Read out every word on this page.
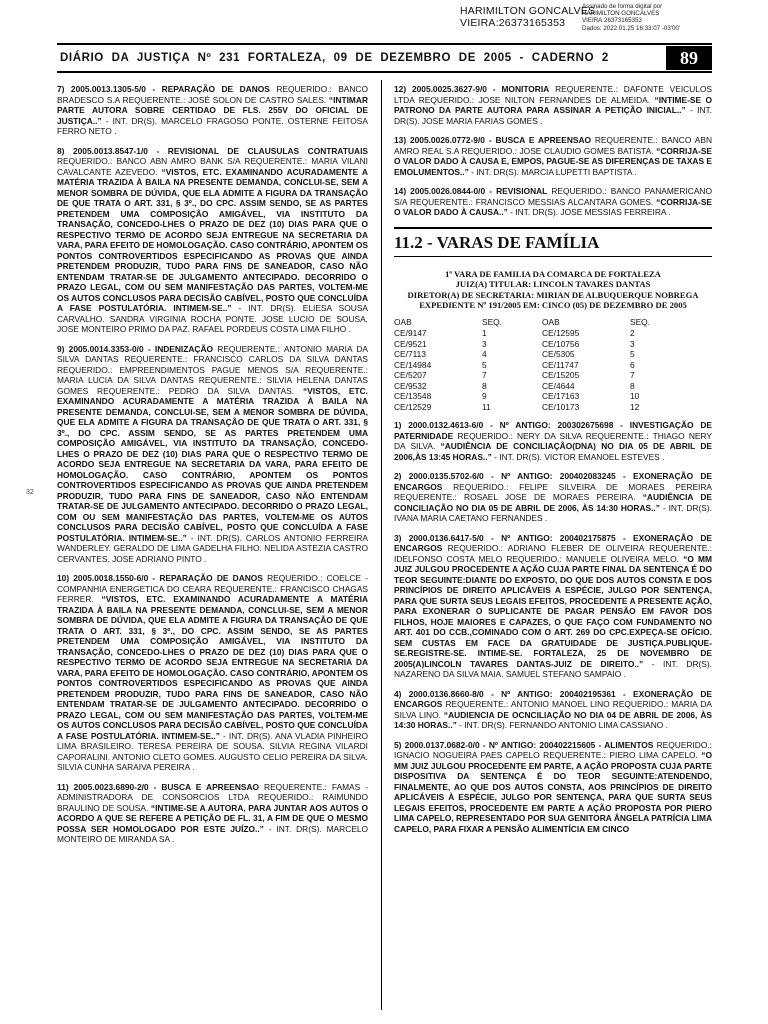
HARIMILTON GONCALVES
VIEIRA:26373165353
Assinado de forma digital por
HARIMILTON GONCALVES
VIEIRA:26373165353
Dados: 2022.01.25 16:33:07 -03'00'
DIÁRIO DA JUSTIÇA Nº 231 FORTALEZA, 09 DE DEZEMBRO DE 2005 - CADERNO 2	89
32

7) 2005.0013.1305-5/0 - REPARAÇÃO DE DANOS REQUERIDO.: BANCO BRADESCO S.A REQUERENTE.: JOSÉ SOLON DE CASTRO SALES. “INTIMAR PARTE AUTORA SOBRE CERTIDAO DE FLS. 255V DO OFICIAL DE JUSTIÇA..” - INT. DR(S). MARCELO FRAGOSO PONTE. OSTERNE FEITOSA FERRO NETO .

8) 2005.0013.8547-1/0 - REVISIONAL DE CLAUSULAS CONTRATUAIS REQUERIDO.: BANCO ABN AMRO BANK S/A REQUERENTE.: MARIA VILANI CAVALCANTE AZEVEDO. “VISTOS, ETC. EXAMINANDO ACURADAMENTE A MATÉRIA TRAZIDA À BAILA NA PRESENTE DEMANDA, CONCLUI-SE, SEM A MENOR SOMBRA DE DÚVIDA, QUE ELA ADMITE A FIGURA DA TRANSAÇÃO DE QUE TRATA O ART. 331, § 3º., DO CPC. ASSIM SENDO, SE AS PARTES PRETENDEM UMA COMPOSIÇÃO AMIGÁVEL, VIA INSTITUTO DA TRANSAÇÃO, CONCEDO-LHES O PRAZO DE DEZ (10) DIAS PARA QUE O RESPECTIVO TERMO DE ACORDO SEJA ENTREGUE NA SECRETARIA DA VARA, PARA EFEITO DE HOMOLOGAÇÃO. CASO CONTRÁRIO, APONTEM OS PONTOS CONTROVERTIDOS ESPECIFICANDO AS PROVAS QUE AINDA PRETENDEM PRODUZIR, TUDO PARA FINS DE SANEADOR, CASO NÃO ENTENDAM TRATAR-SE DE JULGAMENTO ANTECIPADO. DECORRIDO O PRAZO LEGAL, COM OU SEM MANIFESTAÇÃO DAS PARTES, VOLTEM-ME OS AUTOS CONCLUSOS PARA DECISÃO CABÍVEL, POSTO QUE CONCLUÍDA A FASE POSTULATÓRIA. INTIMEM-SE..” - INT. DR(S). ELIESA SOUSA CARVALHO. SANDRA VIRGINIA ROCHA PONTE. JOSE LUCIO DE SOUSA. JOSE MONTEIRO PRIMO DA PAZ. RAFAEL PORDEUS COSTA LIMA FILHO .

9) 2005.0014.3353-0/0 - INDENIZAÇÃO REQUERENTE.: ANTONIO MARIA DA SILVA DANTAS REQUERENTE.: FRANCISCO CARLOS DA SILVA DANTAS REQUERIDO.: EMPREENDIMENTOS PAGUE MENOS S/A REQUERENTE.: MARIA LUCIA DA SILVA DANTAS REQUERENTE.: SILVIA HELENA DANTAS GOMES REQUERENTE.: PEDRO DA SILVA DANTAS. “VISTOS, ETC. EXAMINANDO ACURADAMENTE A MATÉRIA TRAZIDA À BAILA NA PRESENTE DEMANDA, CONCLUI-SE, SEM A MENOR SOMBRA DE DÚVIDA, QUE ELA ADMITE A FIGURA DA TRANSAÇÃO DE QUE TRATA O ART. 331, § 3º., DO CPC. ASSIM SENDO, SE AS PARTES PRETENDEM UMA COMPOSIÇÃO AMIGÁVEL, VIA INSTITUTO DA TRANSAÇÃO, CONCEDO-LHES O PRAZO DE DEZ (10) DIAS PARA QUE O RESPECTIVO TERMO DE ACORDO SEJA ENTREGUE NA SECRETARIA DA VARA, PARA EFEITO DE HOMOLOGAÇÃO. CASO CONTRÁRIO, APONTEM OS PONTOS CONTROVERTIDOS ESPECIFICANDO AS PROVAS QUE AINDA PRETENDEM PRODUZIR, TUDO PARA FINS DE SANEADOR, CASO NÃO ENTENDAM TRATAR-SE DE JULGAMENTO ANTECIPADO. DECORRIDO O PRAZO LEGAL, COM OU SEM MANIFESTAÇÃO DAS PARTES, VOLTEM-ME OS AUTOS CONCLUSOS PARA DECISÃO CABÍVEL, POSTO QUE CONCLUÍDA A FASE POSTULATÓRIA. INTIMEM-SE..” - INT. DR(S). CARLOS ANTONIO FERREIRA WANDERLEY. GERALDO DE LIMA GADELHA FILHO. NELIDA ASTEZIA CASTRO CERVANTES. JOSE ADRIANO PINTO .

10) 2005.0018.1550-6/0 - REPARAÇÃO DE DANOS REQUERIDO.: COELCE - COMPANHIA ENERGETICA DO CEARA REQUERENTE.: FRANCISCO CHAGAS FERRER. “VISTOS, ETC. EXAMINANDO ACURADAMENTE A MATÉRIA TRAZIDA À BAILA NA PRESENTE DEMANDA, CONCLUI-SE, SEM A MENOR SOMBRA DE DÚVIDA, QUE ELA ADMITE A FIGURA DA TRANSAÇÃO DE QUE TRATA O ART. 331, § 3º., DO CPC. ASSIM SENDO, SE AS PARTES PRETENDEM UMA COMPOSIÇÃO AMIGÁVEL, VIA INSTITUTO DA TRANSAÇÃO, CONCEDO-LHES O PRAZO DE DEZ (10) DIAS PARA QUE O RESPECTIVO TERMO DE ACORDO SEJA ENTREGUE NA SECRETARIA DA VARA, PARA EFEITO DE HOMOLOGAÇÃO. CASO CONTRÁRIO, APONTEM OS PONTOS CONTROVERTIDOS ESPECIFICANDO AS PROVAS QUE AINDA PRETENDEM PRODUZIR, TUDO PARA FINS DE SANEADOR, CASO NÃO ENTENDAM TRATAR-SE DE JULGAMENTO ANTECIPADO. DECORRIDO O PRAZO LEGAL, COM OU SEM MANIFESTAÇÃO DAS PARTES, VOLTEM-ME OS AUTOS CONCLUSOS PARA DECISÃO CABÍVEL, POSTO QUE CONCLUÍDA A FASE POSTULATÓRIA. INTIMEM-SE..” - INT. DR(S). ANA VLADIA PINHEIRO LIMA BRASILEIRO. TERESA PEREIRA DE SOUSA. SILVIA REGINA VILARDI CAPORALINI. ANTONIO CLETO GOMES. AUGUSTO CELIO PEREIRA DA SILVA. SILVIA CUNHA SARAIVA PEREIRA .

11) 2005.0023.6890-2/0 - BUSCA E APREENSAO REQUERENTE.: FAMAS - ADMINISTRADORA DE CONSORCIOS LTDA REQUERIDO.: RAIMUNDO BRAULINO DE SOUSA. “INTIME-SE A AUTORA, PARA JUNTAR AOS AUTOS O ACORDO A QUE SE REFERE A PETIÇÃO DE FL. 31, A FIM DE QUE O MESMO POSSA SER HOMOLOGADO POR ESTE JUÍZO..” - INT. DR(S). MARCELO MONTEIRO DE MIRANDA SA .

12) 2005.0025.3627-9/0 - MONITORIA REQUERENTE.: DAFONTE VEICULOS LTDA REQUERIDO.: JOSE NILTON FERNANDES DE ALMEIDA. “INTIME-SE O PATRONO DA PARTE AUTORA PARA ASSINAR A PETIÇÃO INICIAL..” - INT. DR(S). JOSE MARIA FARIAS GOMES .

13) 2005.0026.0772-9/0 - BUSCA E APREENSAO REQUERENTE.: BANCO ABN AMRO REAL S.A REQUERIDO.: JOSE CLAUDIO GOMES BATISTA. “CORRIJA-SE O VALOR DADO À CAUSA E, EMPOS, PAGUE-SE AS DIFERENÇAS DE TAXAS E EMOLUMENTOS..” - INT. DR(S). MARCIA LUPETTI BAPTISTA .

14) 2005.0026.0844-0/0 - REVISIONAL REQUERIDO.: BANCO PANAMERICANO S/A REQUERENTE.: FRANCISCO MESSIAS ALCANTARA GOMES. “CORRIJA-SE O VALOR DADO À CAUSA..” - INT. DR(S). JOSE MESSIAS FERREIRA .

11.2 - VARAS DE FAMÍLIA
1ª VARA DE FAMILIA DA COMARCA DE FORTALEZA
JUIZ(A) TITULAR: LINCOLN TAVARES DANTAS
DIRETOR(A) DE SECRETARIA: MIRIAN DE ALBUQUERQUE NOBREGA
EXPEDIENTE Nº 191/2005 EM: CINCO (05) DE DEZEMBRO DE 2005
OAB	SEQ.	OAB	SEQ.
CE/9147	1	CE/12595	2
CE/9521	3	CE/10756	3
CE/7113	4	CE/5305	5
CE/14984	5	CE/11747	6
CE/5207	7	CE/15205	7
CE/9532	8	CE/4644	8
CE/13548	9	CE/17163	10
CE/12529	11	CE/10173	12

1) 2000.0132.4613-6/0 - Nº ANTIGO: 200302675698 - INVESTIGAÇÃO DE PATERNIDADE REQUERIDO.: NERY DA SILVA REQUERENTE.: THIAGO NERY DA SILVA. “AUDIÊNCIA DE CONCILIAÇÃO(DNA) NO DIA 05 DE ABRIL DE 2006,ÀS 13:45 HORAS..” - INT. DR(S). VICTOR EMANOEL ESTEVES .

2) 2000.0135.5702-6/0 - Nº ANTIGO: 200402083245 - EXONERAÇÃO DE ENCARGOS REQUERIDO.: FELIPE SILVEIRA DE MORAES PEREIRA REQUERENTE.: ROSAEL JOSE DE MORAES PEREIRA. “AUDIÊNCIA DE CONCILIAÇÃO NO DIA 05 DE ABRIL DE 2006, ÀS 14:30 HORAS..” - INT. DR(S). IVANA MARIA CAETANO FERNANDES .

3) 2000.0136.6417-5/0 - Nº ANTIGO: 200402175875 - EXONERAÇÃO DE ENCARGOS REQUERIDO.: ADRIANO FLEBER DE OLIVEIRA REQUERENTE.: IDELFONSO COSTA MELO REQUERIDO.: MANUELE OLIVEIRA MELO. “O MM JUIZ JULGOU PROCEDENTE A AÇÃO CUJA PARTE FINAL DA SENTENÇA É DO TEOR SEGUINTE:DIANTE DO EXPOSTO, DO QUE DOS AUTOS CONSTA E DOS PRINCÍPIOS DE DIREITO APLICÁVEIS A ESPÉCIE, JULGO POR SENTENÇA, PARA QUE SURTA SEUS LEGAIS EFEITOS, PROCEDENTE A PRESENTE AÇÃO, PARA EXONERAR O SUPLICANTE DE PAGAR PENSÃO EM FAVOR DOS FILHOS, HOJE MAIORES E CAPAZES, O QUE FAÇO COM FUNDAMENTO NO ART. 401 DO CCB.,COMINADO COM O ART. 269 DO CPC.EXPEÇA-SE OFÍCIO. SEM CUSTAS EM FACE DA GRATUIDADE DE JUSTIÇA.PUBLIQUE-SE.REGISTRE-SE. INTIME-SE. FORTALEZA, 25 DE NOVEMBRO DE 2005(A)LINCOLN TAVARES DANTAS-JUIZ DE DIREITO..” - INT. DR(S). NAZARENO DA SILVA MAIA. SAMUEL STEFANO SAMPAIO .

4) 2000.0136.8660-8/0 - Nº ANTIGO: 200402195361 - EXONERAÇÃO DE ENCARGOS REQUERENTE.: ANTONIO MANOEL LINO REQUERIDO.: MARIA DA SILVA LINO. “AUDIENCIA DE OCNCILIAÇÃO NO DIA 04 DE ABRIL DE 2006, ÀS 14:30 HORAS..” - INT. DR(S). FERNANDO ANTONIO LIMA CASSIANO .

5) 2000.0137.0682-0/0 - Nº ANTIGO: 200402215605 - ALIMENTOS REQUERIDO.: IGNACIO NOGUEIRA PAES CAPELO REQUERENTE.: PIERO LIMA CAPELO. “O MM JUIZ JULGOU PROCEDENTE EM PARTE, A AÇÃO PROPOSTA CUJA PARTE DISPOSITIVA DA SENTENÇA É DO TEOR SEGUINTE:ATENDENDO, FINALMENTE, AO QUE DOS AUTOS CONSTA, AOS PRINCÍPIOS DE DIREITO APLICÁVEIS À ESPÉCIE, JULGO POR SENTENÇA, PARA QUE SURTA SEUS LEGAIS EFEITOS, PROCEDENTE EM PARTE A AÇÃO PROPOSTA POR PIERO LIMA CAPELO, REPRESENTADO POR SUA GENITORA ÂNGELA PATRÍCIA LIMA CAPELO, PARA FIXAR A PENSÃO ALIMENTÍCIA EM CINCO
